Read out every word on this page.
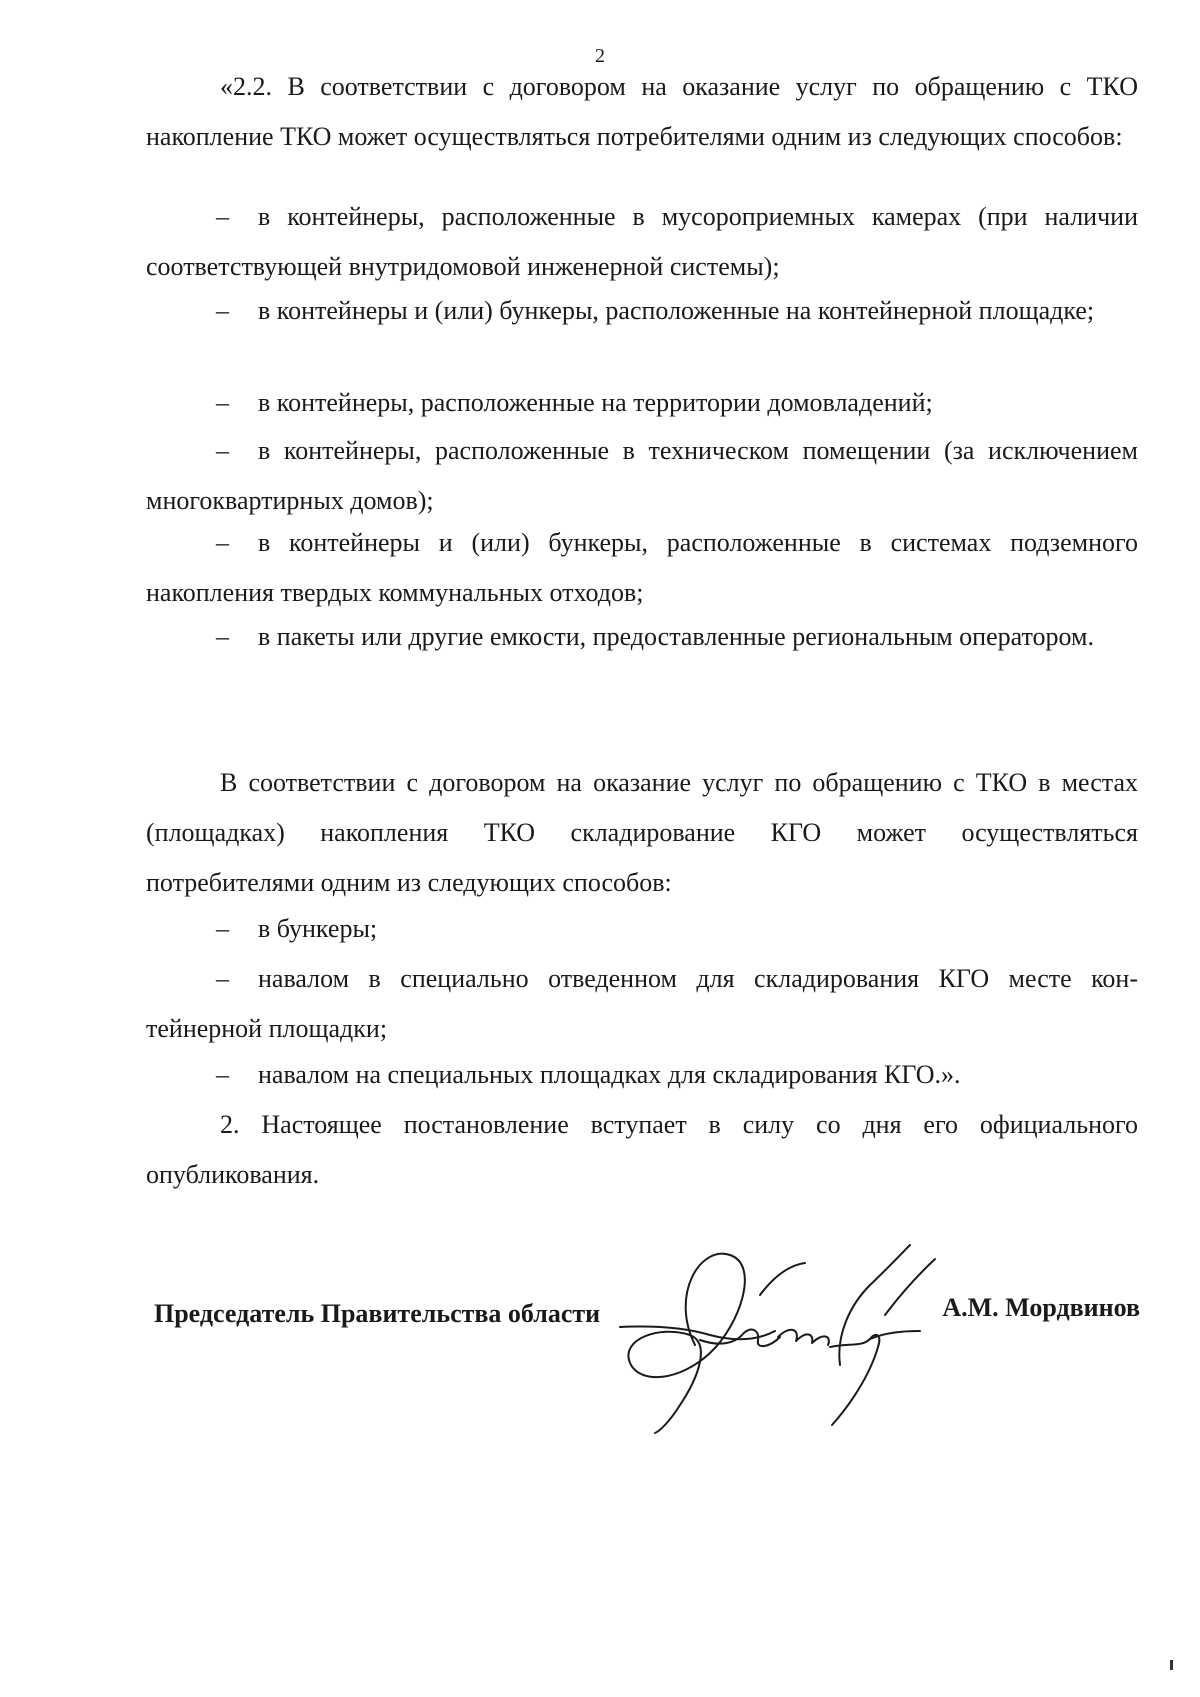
2

«2.2. В соответствии с договором на оказание услуг по обращению с ТКО накопление ТКО может осуществляться потребителями одним из следующих способов:

– в контейнеры, расположенные в мусороприемных камерах (при наличии соответствующей внутридомовой инженерной системы);

– в контейнеры и (или) бункеры, расположенные на контейнерной площадке;

– в контейнеры, расположенные на территории домовладений;

– в контейнеры, расположенные в техническом помещении (за исключением многоквартирных домов);

– в контейнеры и (или) бункеры, расположенные в системах подземного накопления твердых коммунальных отходов;

– в пакеты или другие емкости, предоставленные региональным оператором.

В соответствии с договором на оказание услуг по обращению с ТКО в местах (площадках) накопления ТКО складирование КГО может осуществляться потребителями одним из следующих способов:

– в бункеры;

– навалом в специально отведенном для складирования КГО месте контейнерной площадки;

– навалом на специальных площадках для складирования КГО.».

2. Настоящее постановление вступает в силу со дня его официального опубликования.

Председатель Правительства области	А.М. Мордвинов
